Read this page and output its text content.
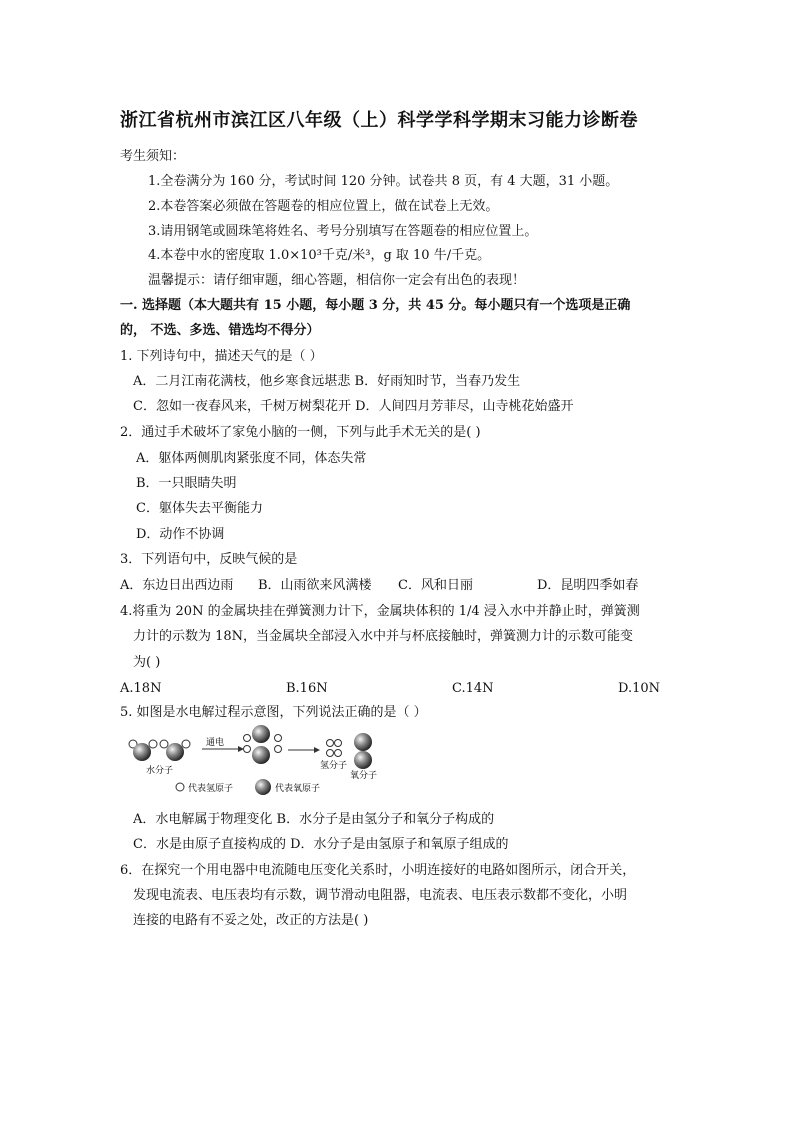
浙江省杭州市滨江区八年级（上）科学学科学期末习能力诊断卷
考生须知：
1.全卷满分为 160 分，考试时间 120 分钟。试卷共 8 页，有 4 大题，31 小题。
2.本卷答案必须做在答题卷的相应位置上，做在试卷上无效。
3.请用钢笔或圆珠笔将姓名、考号分别填写在答题卷的相应位置上。
4.本卷中水的密度取 1.0×10³千克/米³，g 取 10 牛/千克。
温馨提示：请仔细审题，细心答题，相信你一定会有出色的表现！
一. 选择题（本大题共有 15 小题，每小题 3 分，共 45 分。每小题只有一个选项是正确
的， 不选、多选、错选均不得分）
1. 下列诗句中，描述天气的是（ ）
A．二月江南花满枝，他乡寒食远堪悲 B．好雨知时节，当春乃发生
C．忽如一夜春风来，千树万树梨花开 D．人间四月芳菲尽，山寺桃花始盛开
2．通过手术破坏了家兔小脑的一侧，下列与此手术无关的是( )
A．躯体两侧肌肉紧张度不同，体态失常
B．一只眼睛失明
C．躯体失去平衡能力
D．动作不协调
3．下列语句中，反映气候的是
A．东边日出西边雨 B．山雨欲来风满楼 C．风和日丽	D．昆明四季如春
4.将重为 20N 的金属块挂在弹簧测力计下，金属块体积的 1/4 浸入水中并静止时，弹簧测
力计的示数为 18N，当金属块全部浸入水中并与杯底接触时，弹簧测力计的示数可能变
为( )
A.18N	B.16N	C.14N	D.10N
5. 如图是水电解过程示意图，下列说法正确的是（ ）
水分子
通电
氢分子
氧分子
代表氢原子	代表氧原子
A．水电解属于物理变化 B．水分子是由氢分子和氧分子构成的
C．水是由原子直接构成的 D．水分子是由氢原子和氧原子组成的
6．在探究一个用电器中电流随电压变化关系时，小明连接好的电路如图所示，闭合开关，
发现电流表、电压表均有示数，调节滑动电阻器，电流表、电压表示数都不变化，小明
连接的电路有不妥之处，改正的方法是( )
